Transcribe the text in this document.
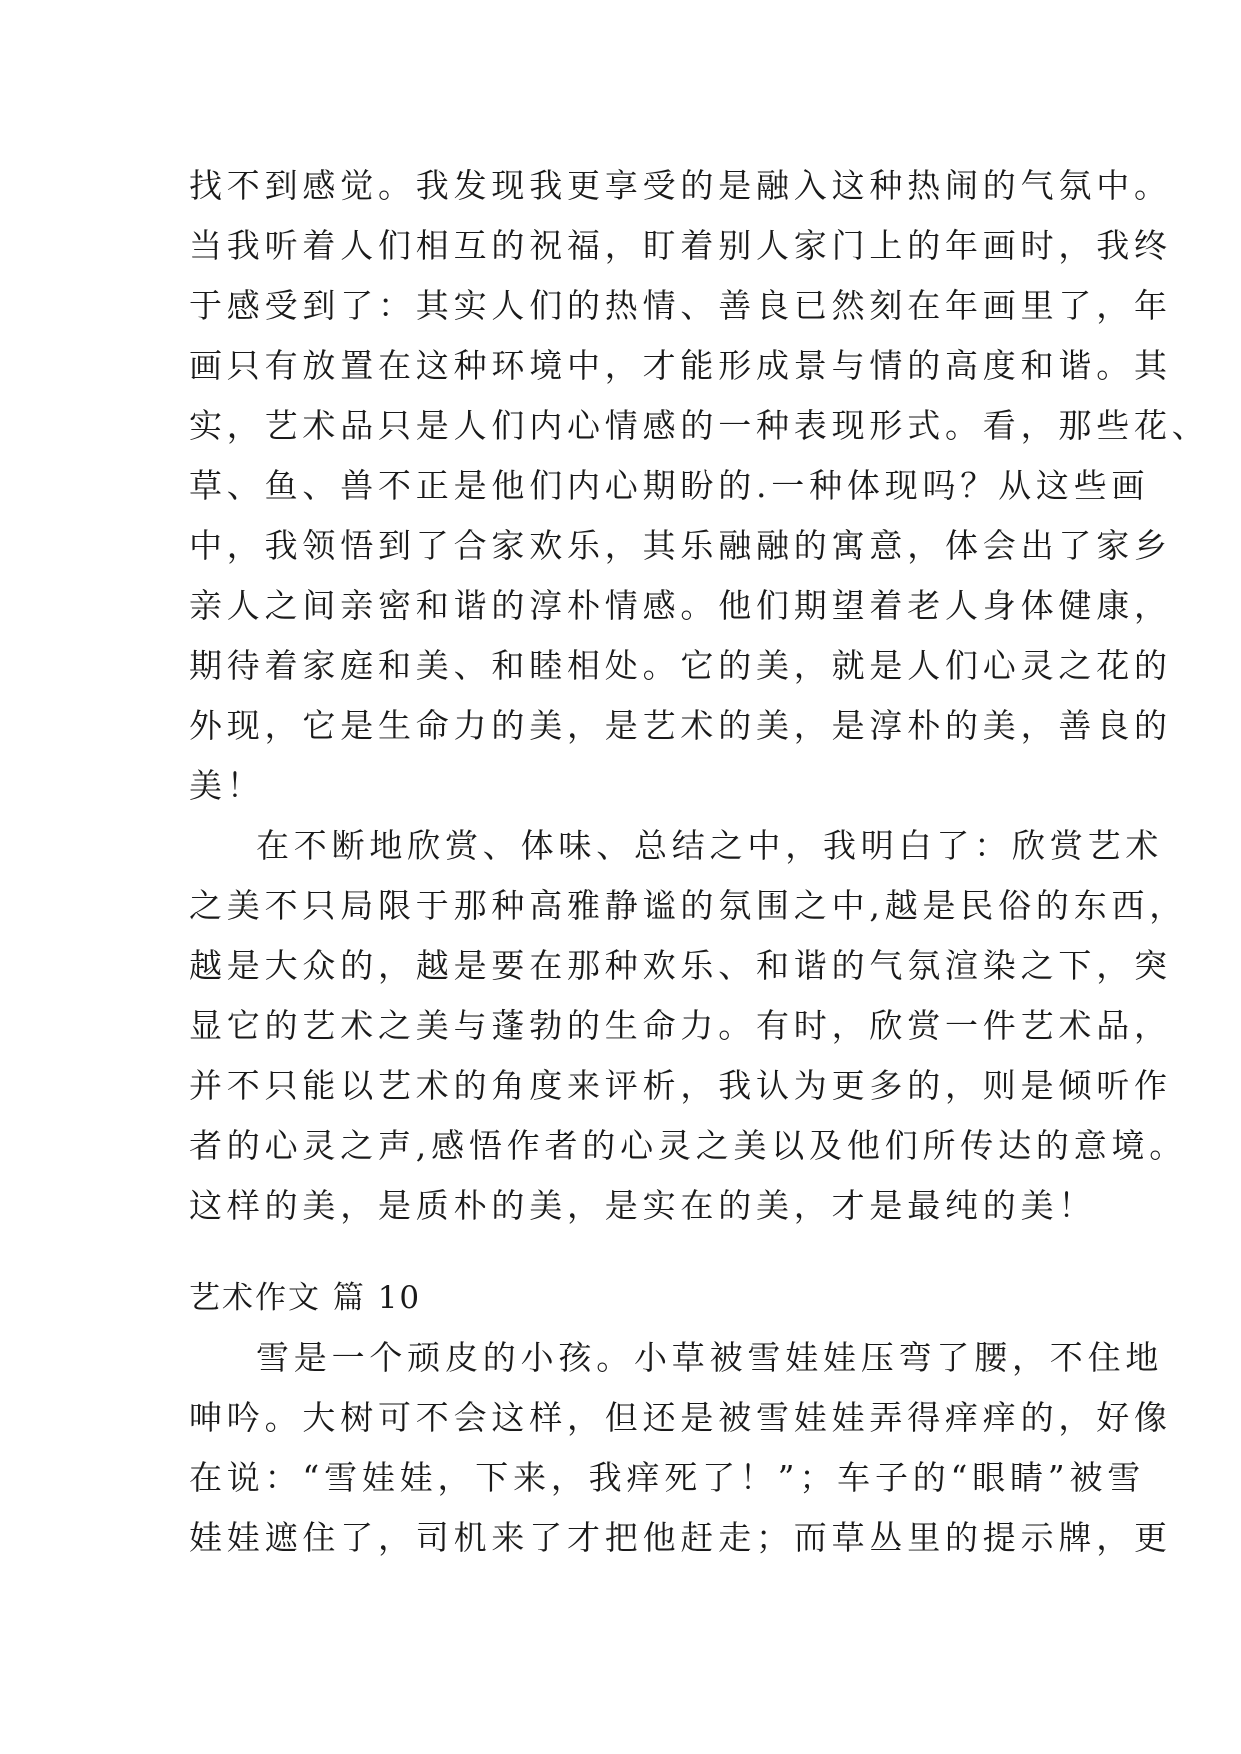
找不到感觉。我发现我更享受的是融入这种热闹的气氛中。
当我听着人们相互的祝福，盯着别人家门上的年画时，我终
于感受到了：其实人们的热情、善良已然刻在年画里了，年
画只有放置在这种环境中，才能形成景与情的高度和谐。其
实，艺术品只是人们内心情感的一种表现形式。看，那些花、
草、鱼、兽不正是他们内心期盼的.一种体现吗？从这些画
中，我领悟到了合家欢乐，其乐融融的寓意，体会出了家乡
亲人之间亲密和谐的淳朴情感。他们期望着老人身体健康，
期待着家庭和美、和睦相处。它的美，就是人们心灵之花的
外现，它是生命力的美，是艺术的美，是淳朴的美，善良的
美！
在不断地欣赏、体味、总结之中，我明白了：欣赏艺术
之美不只局限于那种高雅静谧的氛围之中,越是民俗的东西，
越是大众的，越是要在那种欢乐、和谐的气氛渲染之下，突
显它的艺术之美与蓬勃的生命力。有时，欣赏一件艺术品，
并不只能以艺术的角度来评析，我认为更多的，则是倾听作
者的心灵之声,感悟作者的心灵之美以及他们所传达的意境。
这样的美，是质朴的美，是实在的美，才是最纯的美！
艺术作文 篇 10
雪是一个顽皮的小孩。小草被雪娃娃压弯了腰，不住地
呻吟。大树可不会这样，但还是被雪娃娃弄得痒痒的，好像
在说：“雪娃娃，下来，我痒死了！”；车子的“眼睛”被雪
娃娃遮住了，司机来了才把他赶走；而草丛里的提示牌，更
